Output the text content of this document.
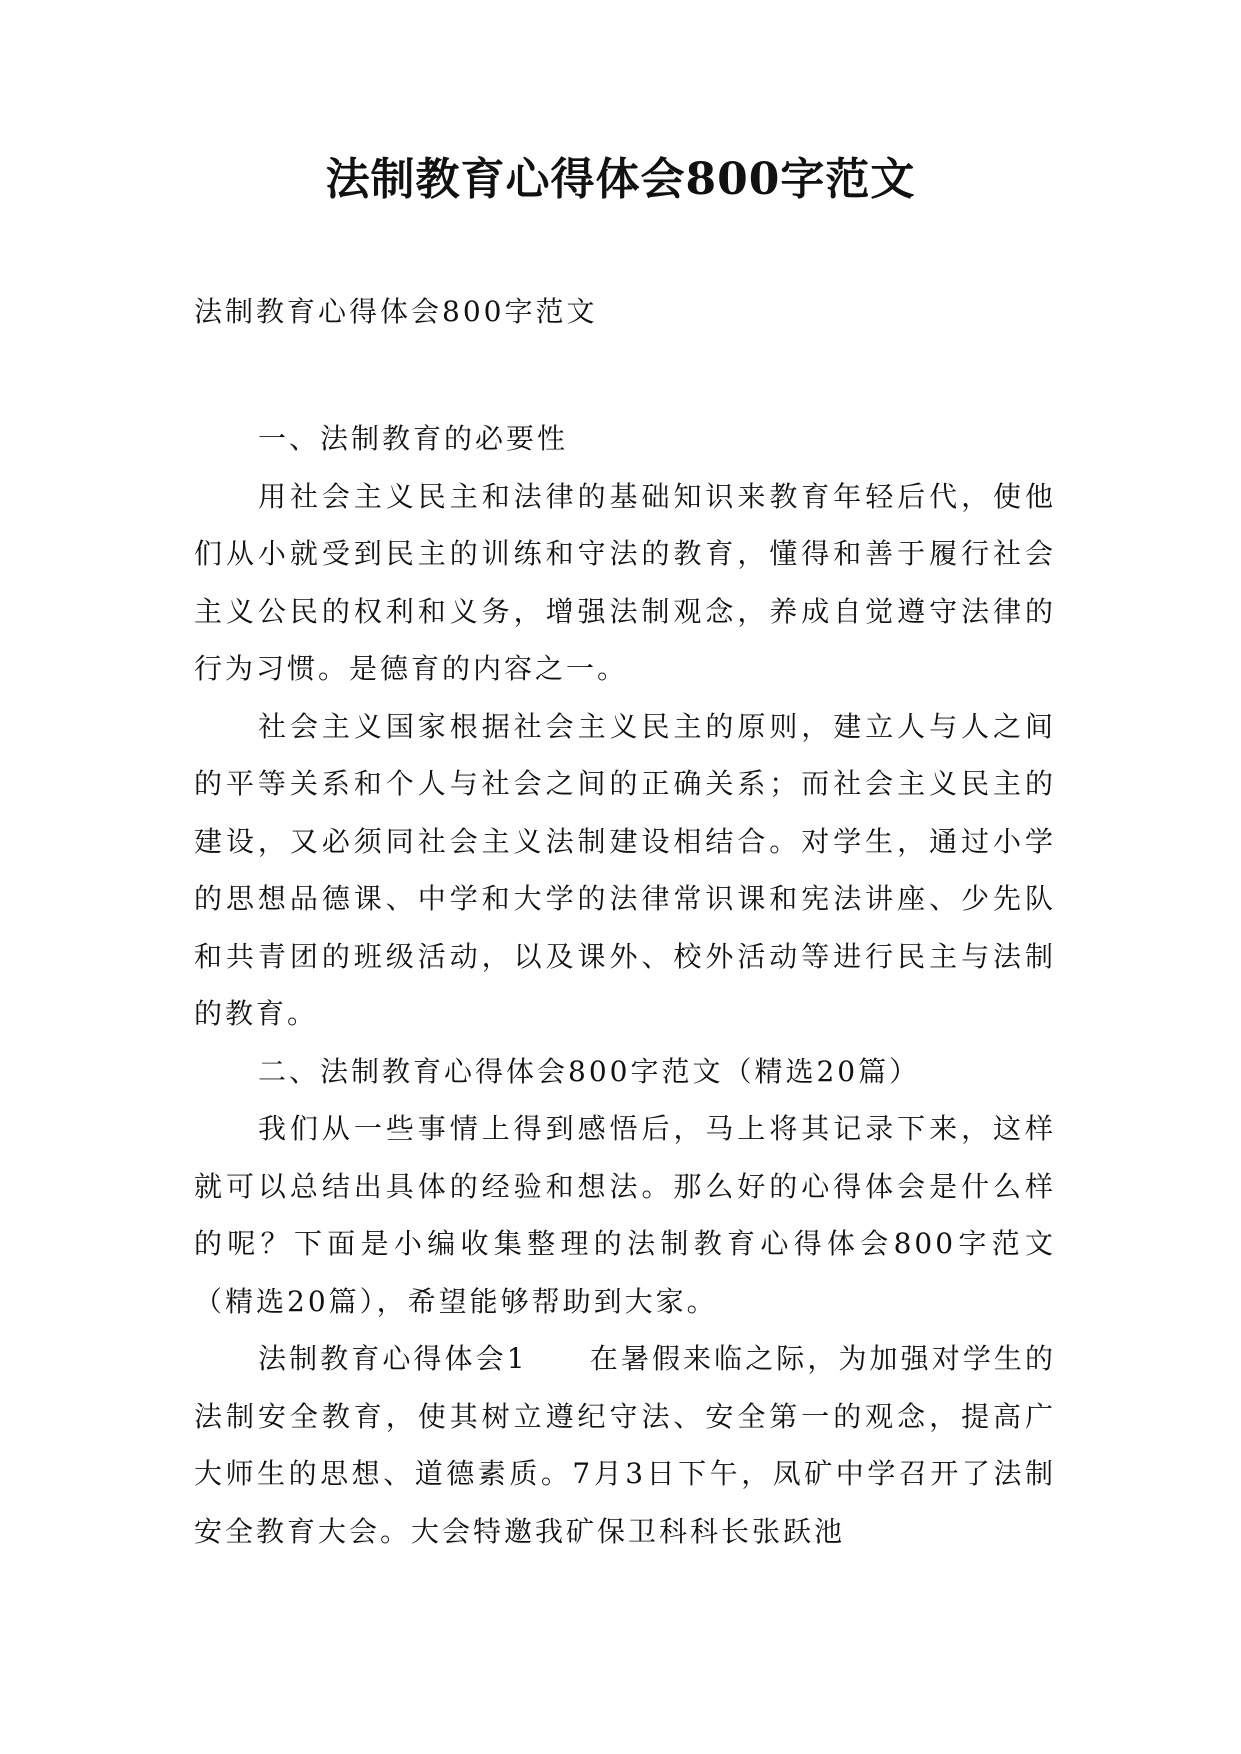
法制教育心得体会800字范文
法制教育心得体会800字范文

一、法制教育的必要性

用社会主义民主和法律的基础知识来教育年轻后代，使他们从小就受到民主的训练和守法的教育，懂得和善于履行社会主义公民的权利和义务，增强法制观念，养成自觉遵守法律的行为习惯。是德育的内容之一。

社会主义国家根据社会主义民主的原则，建立人与人之间的平等关系和个人与社会之间的正确关系；而社会主义民主的建设，又必须同社会主义法制建设相结合。对学生，通过小学的思想品德课、中学和大学的法律常识课和宪法讲座、少先队和共青团的班级活动，以及课外、校外活动等进行民主与法制的教育。

二、法制教育心得体会800字范文（精选20篇）

我们从一些事情上得到感悟后，马上将其记录下来，这样就可以总结出具体的经验和想法。那么好的心得体会是什么样的呢？下面是小编收集整理的法制教育心得体会800字范文（精选20篇），希望能够帮助到大家。

法制教育心得体会1　　在暑假来临之际，为加强对学生的法制安全教育，使其树立遵纪守法、安全第一的观念，提高广大师生的思想、道德素质。7月3日下午，凤矿中学召开了法制安全教育大会。大会特邀我矿保卫科科长张跃池
